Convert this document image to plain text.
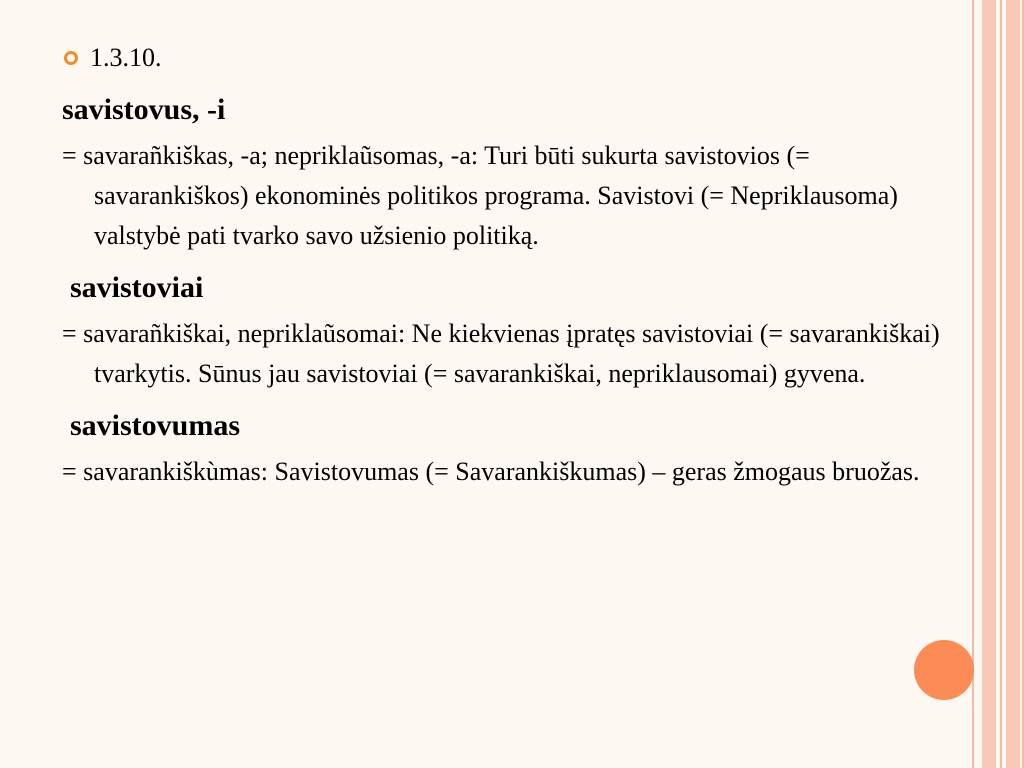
1.3.10.
savistovus, -i
= savarañkiškas, -a; nepriklaũsomas, -a: Turi būti sukurta savistovios (= savarankiškos) ekonominės politikos programa. Savistovi (= Nepriklausoma) valstybė pati tvarko savo užsienio politiką.
savistoviai
= savarañkiškai, nepriklaũsomai: Ne kiekvienas įpratęs savistoviai (= savarankiškai) tvarkytis. Sūnus jau savistoviai (= savarankiškai, nepriklausomai) gyvena.
savistovumas
= savarankiškùmas: Savistovumas (= Savarankiškumas) – geras žmogaus bruožas.
